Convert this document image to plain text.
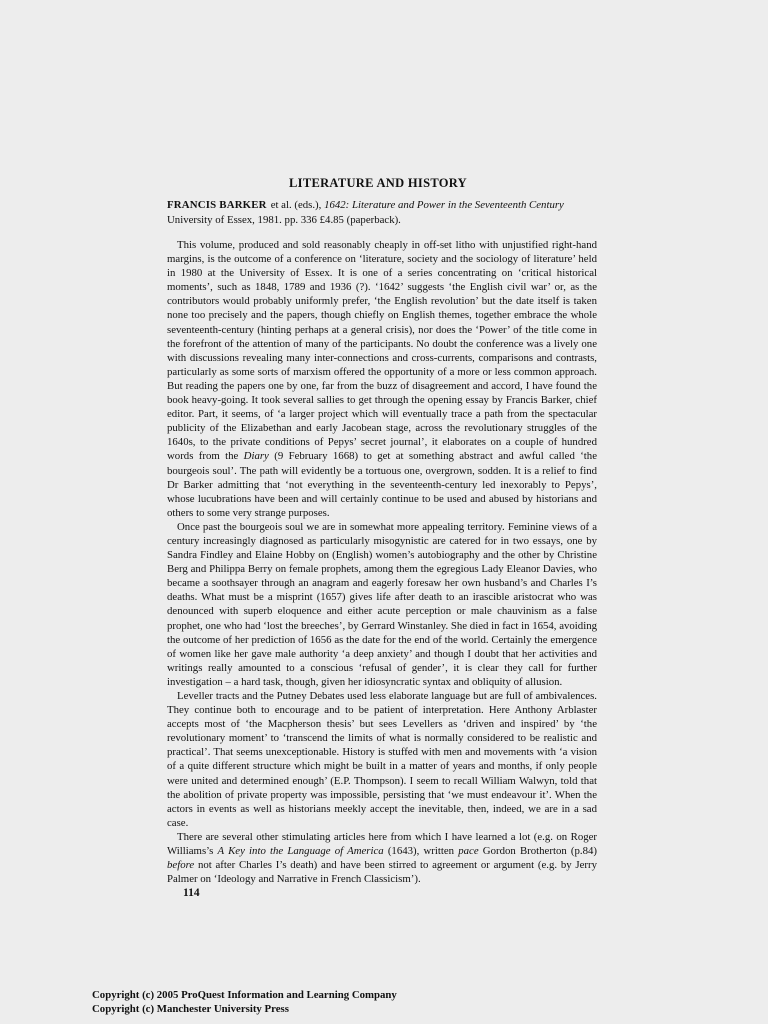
LITERATURE AND HISTORY

FRANCIS BARKER et al. (eds.), 1642: Literature and Power in the Seventeenth Century University of Essex, 1981. pp. 336 £4.85 (paperback).

This volume, produced and sold reasonably cheaply in off-set litho with unjustified right-hand margins, is the outcome of a conference on ‘literature, society and the sociology of literature’ held in 1980 at the University of Essex. It is one of a series concentrating on ‘critical historical moments’, such as 1848, 1789 and 1936 (?). ‘1642’ suggests ‘the English civil war’ or, as the contributors would probably uniformly prefer, ‘the English revolution’ but the date itself is taken none too precisely and the papers, though chiefly on English themes, together embrace the whole seventeenth-century (hinting perhaps at a general crisis), nor does the ‘Power’ of the title come in the forefront of the attention of many of the participants. No doubt the conference was a lively one with discussions revealing many inter-connections and cross-currents, comparisons and contrasts, particularly as some sorts of marxism offered the opportunity of a more or less common approach. But reading the papers one by one, far from the buzz of disagreement and accord, I have found the book heavy-going. It took several sallies to get through the opening essay by Francis Barker, chief editor. Part, it seems, of ‘a larger project which will eventually trace a path from the spectacular publicity of the Elizabethan and early Jacobean stage, across the revolutionary struggles of the 1640s, to the private conditions of Pepys’ secret journal’, it elaborates on a couple of hundred words from the Diary (9 February 1668) to get at something abstract and awful called ‘the bourgeois soul’. The path will evidently be a tortuous one, overgrown, sodden. It is a relief to find Dr Barker admitting that ‘not everything in the seventeenth-century led inexorably to Pepys’, whose lucubrations have been and will certainly continue to be used and abused by historians and others to some very strange purposes.

Once past the bourgeois soul we are in somewhat more appealing territory. Feminine views of a century increasingly diagnosed as particularly misogynistic are catered for in two essays, one by Sandra Findley and Elaine Hobby on (English) women’s autobiography and the other by Christine Berg and Philippa Berry on female prophets, among them the egregious Lady Eleanor Davies, who became a soothsayer through an anagram and eagerly foresaw her own husband’s and Charles I’s deaths. What must be a misprint (1657) gives life after death to an irascible aristocrat who was denounced with superb eloquence and either acute perception or male chauvinism as a false prophet, one who had ‘lost the breeches’, by Gerrard Winstanley. She died in fact in 1654, avoiding the outcome of her prediction of 1656 as the date for the end of the world. Certainly the emergence of women like her gave male authority ‘a deep anxiety’ and though I doubt that her activities and writings really amounted to a conscious ‘refusal of gender’, it is clear they call for further investigation – a hard task, though, given her idiosyncratic syntax and obliquity of allusion.

Leveller tracts and the Putney Debates used less elaborate language but are full of ambivalences. They continue both to encourage and to be patient of interpretation. Here Anthony Arblaster accepts most of ‘the Macpherson thesis’ but sees Levellers as ‘driven and inspired’ by ‘the revolutionary moment’ to ‘transcend the limits of what is normally considered to be realistic and practical’. That seems unexceptionable. History is stuffed with men and movements with ‘a vision of a quite different structure which might be built in a matter of years and months, if only people were united and determined enough’ (E.P. Thompson). I seem to recall William Walwyn, told that the abolition of private property was impossible, persisting that ‘we must endeavour it’. When the actors in events as well as historians meekly accept the inevitable, then, indeed, we are in a sad case.

There are several other stimulating articles here from which I have learned a lot (e.g. on Roger Williams’s A Key into the Language of America (1643), written pace Gordon Brotherton (p.84) before not after Charles I’s death) and have been stirred to agreement or argument (e.g. by Jerry Palmer on ‘Ideology and Narrative in French Classicism’).

114

Copyright (c) 2005 ProQuest Information and Learning Company
Copyright (c) Manchester University Press
